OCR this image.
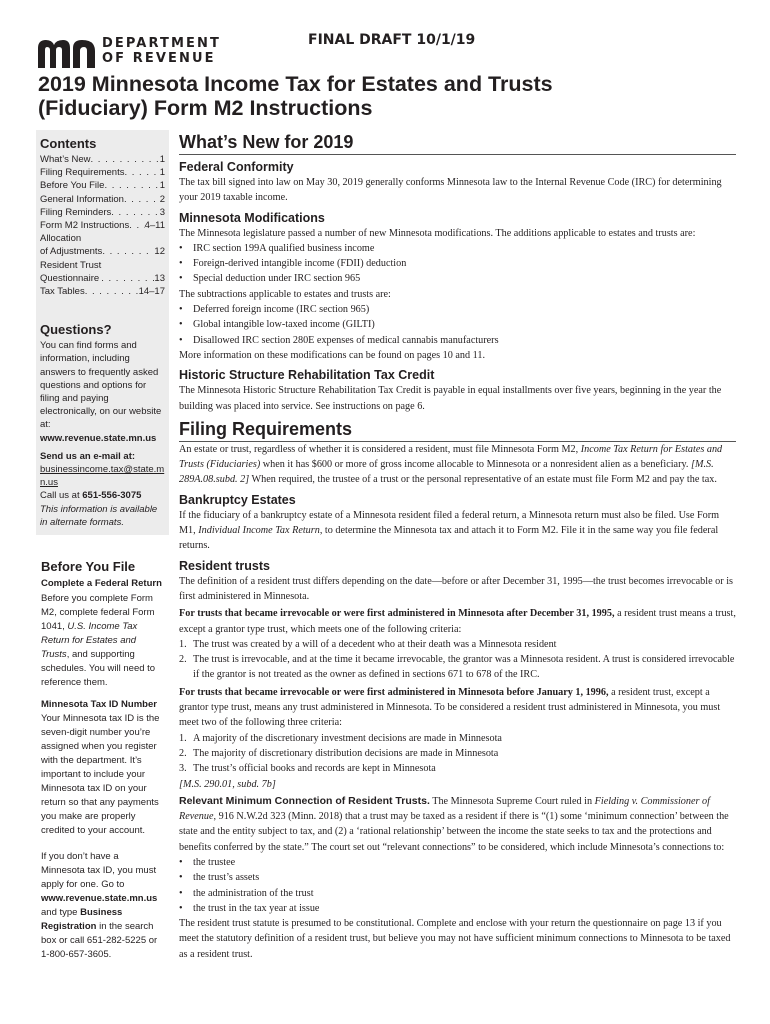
DEPARTMENT
OF REVENUE
FINAL DRAFT 10/1/19
2019 Minnesota Income Tax for Estates and Trusts
(Fiduciary) Form M2 Instructions
Contents
What’s New . . .	1
Filing Requirements . . .	1
Before You File . . .	1
General Information . . .	2
Filing Reminders . . .	3
Form M2 Instructions . . . 4–11
Allocation
of Adjustments . . .	12
Resident Trust
Questionnaire . . .	13
Tax Tables . . .	14–17
Questions?

You can find forms and information, including answers to frequently asked questions and options for filing and paying electronically, on our website at:

www.revenue.state.mn.us

Send us an e-mail at:

businessincome.tax@state.mn.us

Call us at 651-556-3075

This information is available in alternate formats.

Before You File

Complete a Federal Return

Before you complete Form M2, complete federal Form 1041, U.S. Income Tax Return for Estates and Trusts, and supporting schedules. You will need to reference them.

Minnesota Tax ID Number

Your Minnesota tax ID is the seven-digit number you’re assigned when you register with the department. It’s important to include your Minnesota tax ID on your return so that any payments you make are properly credited to your account.

If you don’t have a Minnesota tax ID, you must apply for one. Go to www.revenue.state.mn.us and type Business Registration in the search box or call 651-282-5225 or 1-800-657-3605.

What’s New for 2019
Federal Conformity

The tax bill signed into law on May 30, 2019 generally conforms Minnesota law to the Internal Revenue Code (IRC) for determining your 2019 taxable income.

Minnesota Modifications

The Minnesota legislature passed a number of new Minnesota modifications. The additions applicable to estates and trusts are:

• IRC section 199A qualified business income
• Foreign-derived intangible income (FDII) deduction
• Special deduction under IRC section 965

The subtractions applicable to estates and trusts are:

• Deferred foreign income (IRC section 965)
• Global intangible low-taxed income (GILTI)
• Disallowed IRC section 280E expenses of medical cannabis manufacturers

More information on these modifications can be found on pages 10 and 11.

Historic Structure Rehabilitation Tax Credit

The Minnesota Historic Structure Rehabilitation Tax Credit is payable in equal installments over five years, beginning in the year the building was placed into service. See instructions on page 6.

Filing Requirements

An estate or trust, regardless of whether it is considered a resident, must file Minnesota Form M2, Income Tax Return for Estates and Trusts (Fiduciaries) when it has $600 or more of gross income allocable to Minnesota or a nonresident alien as a beneficiary. [M.S. 289A.08.subd. 2] When required, the trustee of a trust or the personal representative of an estate must file Form M2 and pay the tax.

Bankruptcy Estates

If the fiduciary of a bankruptcy estate of a Minnesota resident filed a federal return, a Minnesota return must also be filed. Use Form M1, Individual Income Tax Return, to determine the Minnesota tax and attach it to Form M2. File it in the same way you file federal returns.

Resident trusts

The definition of a resident trust differs depending on the date—before or after December 31, 1995—the trust becomes irrevocable or is first administered in Minnesota.

For trusts that became irrevocable or were first administered in Minnesota after December 31, 1995, a resident trust means a trust, except a grantor type trust, which meets one of the following criteria:

1. The trust was created by a will of a decedent who at their death was a Minnesota resident
2. The trust is irrevocable, and at the time it became irrevocable, the grantor was a Minnesota resident. A trust is considered irrevocable if the grantor is not treated as the owner as defined in sections 671 to 678 of the IRC.

For trusts that became irrevocable or were first administered in Minnesota before January 1, 1996, a resident trust, except a grantor type trust, means any trust administered in Minnesota. To be considered a resident trust administered in Minnesota, you must meet two of the following three criteria:

1. A majority of the discretionary investment decisions are made in Minnesota
2. The majority of discretionary distribution decisions are made in Minnesota
3. The trust’s official books and records are kept in Minnesota

[M.S. 290.01, subd. 7b]

Relevant Minimum Connection of Resident Trusts. The Minnesota Supreme Court ruled in Fielding v. Commissioner of Revenue, 916 N.W.2d 323 (Minn. 2018) that a trust may be taxed as a resident if there is “(1) some ‘minimum connection’ between the state and the entity subject to tax, and (2) a ‘rational relationship’ between the income the state seeks to tax and the protections and benefits conferred by the state.” The court set out “relevant connections” to be considered, which include Minnesota’s connections to:

• the trustee
• the trust’s assets
• the administration of the trust
• the trust in the tax year at issue

The resident trust statute is presumed to be constitutional. Complete and enclose with your return the questionnaire on page 13 if you meet the statutory definition of a resident trust, but believe you may not have sufficient minimum connections to Minnesota to be taxed as a resident trust.
